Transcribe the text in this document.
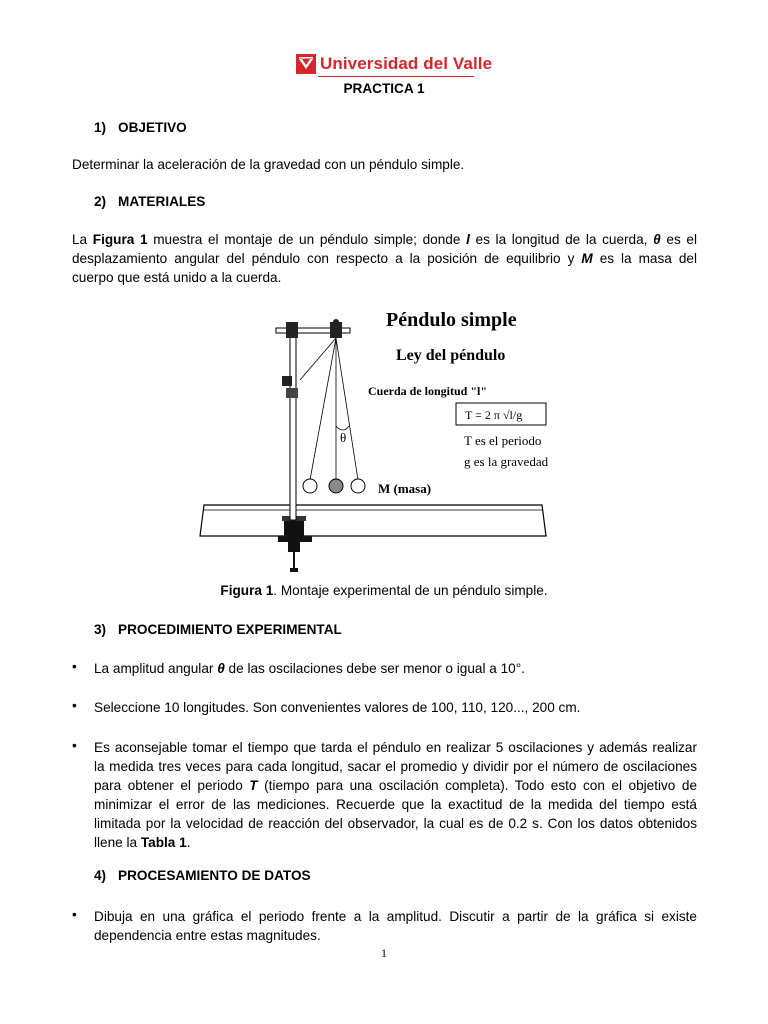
Universidad del Valle
PRACTICA 1
1) OBJETIVO
Determinar la aceleración de la gravedad con un péndulo simple.
2) MATERIALES
La Figura 1 muestra el montaje de un péndulo simple; donde l es la longitud de la cuerda, θ es el
desplazamiento angular del péndulo con respecto a la posición de equilibrio y M es la masa del
cuerpo que está unido a la cuerda.
θ
Péndulo simple
Ley del péndulo
Cuerda de longitud "l"
T = 2 π √l/g
T es el periodo
g es la gravedad
M (masa)
Figura 1. Montaje experimental de un péndulo simple.
3) PROCEDIMIENTO EXPERIMENTAL
• La amplitud angular θ de las oscilaciones debe ser menor o igual a 10°.
• Seleccione 10 longitudes. Son convenientes valores de 100, 110, 120..., 200 cm.
• Es aconsejable tomar el tiempo que tarda el péndulo en realizar 5 oscilaciones y además realizar
la medida tres veces para cada longitud, sacar el promedio y dividir por el número de oscilaciones
para obtener el periodo T (tiempo para una oscilación completa). Todo esto con el objetivo de
minimizar el error de las mediciones. Recuerde que la exactitud de la medida del tiempo está
limitada por la velocidad de reacción del observador, la cual es de 0.2 s. Con los datos obtenidos
llene la Tabla 1.
4) PROCESAMIENTO DE DATOS
• Dibuja en una gráfica el periodo frente a la amplitud. Discutir a partir de la gráfica si existe
dependencia entre estas magnitudes.
1
